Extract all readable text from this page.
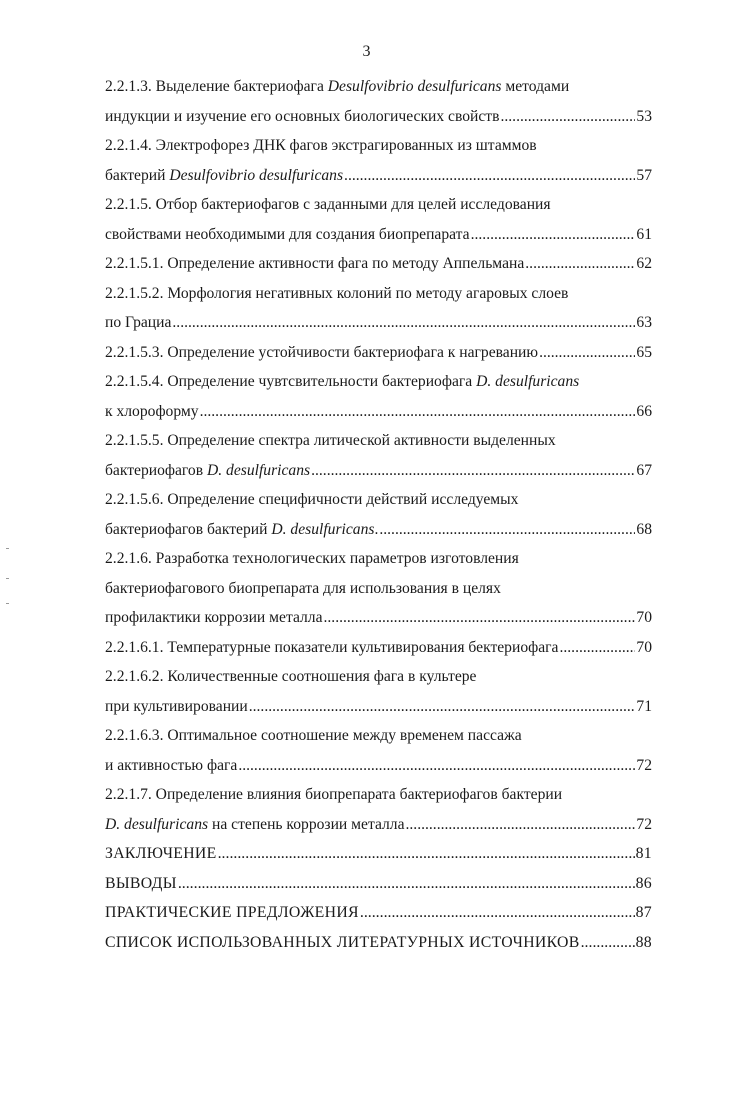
3
2.2.1.3. Выделение бактериофага Desulfovibrio desulfuricans методами
индукции и изучение его основных биологических свойств .....	53
2.2.1.4. Электрофорез ДНК фагов экстрагированных из штаммов
бактерий Desulfovibrio desulfuricans .....	57
2.2.1.5. Отбор бактериофагов с заданными для целей исследования
свойствами необходимыми для создания биопрепарата .....	61
2.2.1.5.1. Определение активности фага по методу Аппельмана .....	62
2.2.1.5.2. Морфология негативных колоний по методу агаровых слоев
по Грациа .....	63
2.2.1.5.3. Определение устойчивости бактериофага к нагреванию .....	65
2.2.1.5.4. Определение чувтсвительности бактериофага D. desulfuricans
к хлороформу .....	66
2.2.1.5.5. Определение спектра литической активности выделенных
бактериофагов D. desulfuricans .....	67
2.2.1.5.6. Определение специфичности действий исследуемых
бактериофагов бактерий D. desulfuricans. .....	68
2.2.1.6. Разработка технологических параметров изготовления
бактериофагового биопрепарата для использования в целях
профилактики коррозии металла .....	70
2.2.1.6.1. Температурные показатели культивирования бектериофага .....	70
2.2.1.6.2. Количественные соотношения фага в культере
при культивировании .....	71
2.2.1.6.3. Оптимальное соотношение между временем пассажа
и активностью фага .....	72
2.2.1.7. Определение влияния биопрепарата бактериофагов бактерии
D. desulfuricans на степень коррозии металла .....	72
ЗАКЛЮЧЕНИЕ .....	81
ВЫВОДЫ .....	86
ПРАКТИЧЕСКИЕ ПРЕДЛОЖЕНИЯ .....	87
СПИСОК ИСПОЛЬЗОВАННЫХ ЛИТЕРАТУРНЫХ ИСТОЧНИКОВ .....	88
